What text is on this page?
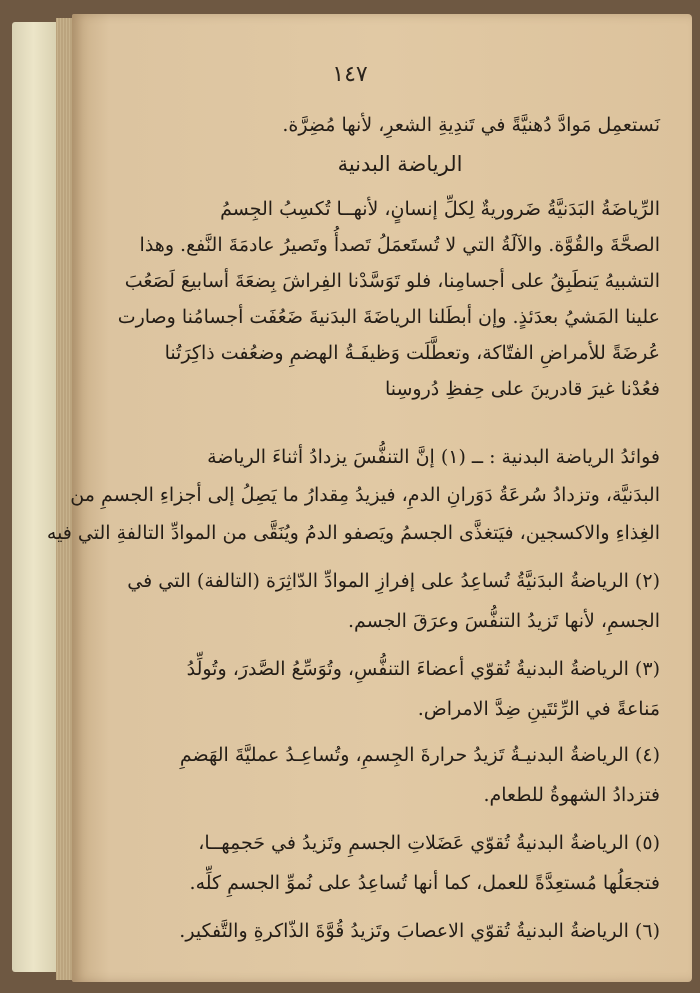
١٤٧
نَستعمِل مَوادَّ دُهنيَّةً في تَندِيةِ الشعرِ، لأنها مُضِرَّة.
الرياضة البدنية
الرِّياضَةُ البَدَنيَّةُ ضَروريةٌ لِكلِّ إنسانٍ، لأنهــا تُكسِبُ الجِسمُ
الصحَّةَ والقُوَّة. والآلَةُ التي لا تُستَعمَلُ تَصدأُ وتَصيرُ عادمَةَ النَّفع. وهذا
التشبيهُ يَنطَبِقُ على أجسامِنا، فلو تَوَسَّدْنا الفِراشَ بِضعَةَ أسابيعَ لَصَعُبَ
علينا المَشيُ بعدَئذٍ. وإن أبطَلنا الرياضَةَ البدَنيةَ ضَعُفَت أجسامُنا وصارت
عُرضَةً للأمراضِ الفتّاكة، وتعطَّلَت وَظيفَـةُ الهضمِ وضعُفت ذاكِرَتُنا
فعُدْنا غيرَ قادرينَ على حِفظِ دُروسِنا
فوائدُ الرياضة البدنية : ــ (١) إنَّ التنفُّسَ يزدادُ أثناءَ الرياضة
البدَنيَّة، وتزدادُ سُرعَةُ دَوَرانِ الدمِ، فيزيدُ مِقدارُ ما يَصِلُ إلى أجزاءِ الجسمِ من
الغِذاءِ والاكسجين، فيَتغذَّى الجسمُ ويَصفو الدمُ ويُنَقَّى من الموادِّ التالفةِ التي فيه
(٢) الرياضةُ البدَنيَّةُ تُساعِدُ على إفرازِ الموادِّ الدّاثِرَة (التالفة) التي في
الجسمِ، لأنها تَزيدُ التنفُّسَ وعرَقَ الجسم.
(٣) الرياضةُ البدنيةُ تُقوّي أعضاءَ التنفُّسِ، وتُوَسِّعُ الصَّدرَ، وتُولِّدُ
مَناعةً في الرِّئتَينِ ضِدَّ الامراض.
(٤) الرياضةُ البدنيـةُ تَزيدُ حرارةَ الجِسمِ، وتُساعِـدُ عمليَّةَ الهَضمِ
فتزدادُ الشهوةُ للطعام.
(٥) الرياضةُ البدنيةُ تُقوّي عَضَلاتِ الجسمِ وتَزيدُ في حَجمِهــا،
فتجعَلُها مُستعِدَّةً للعمل، كما أنها تُساعِدُ على نُموِّ الجسمِ كلِّه.
(٦) الرياضةُ البدنيةُ تُقوّي الاعصابَ وتَزيدُ قُوَّةَ الذّاكرةِ والتَّفكير.
